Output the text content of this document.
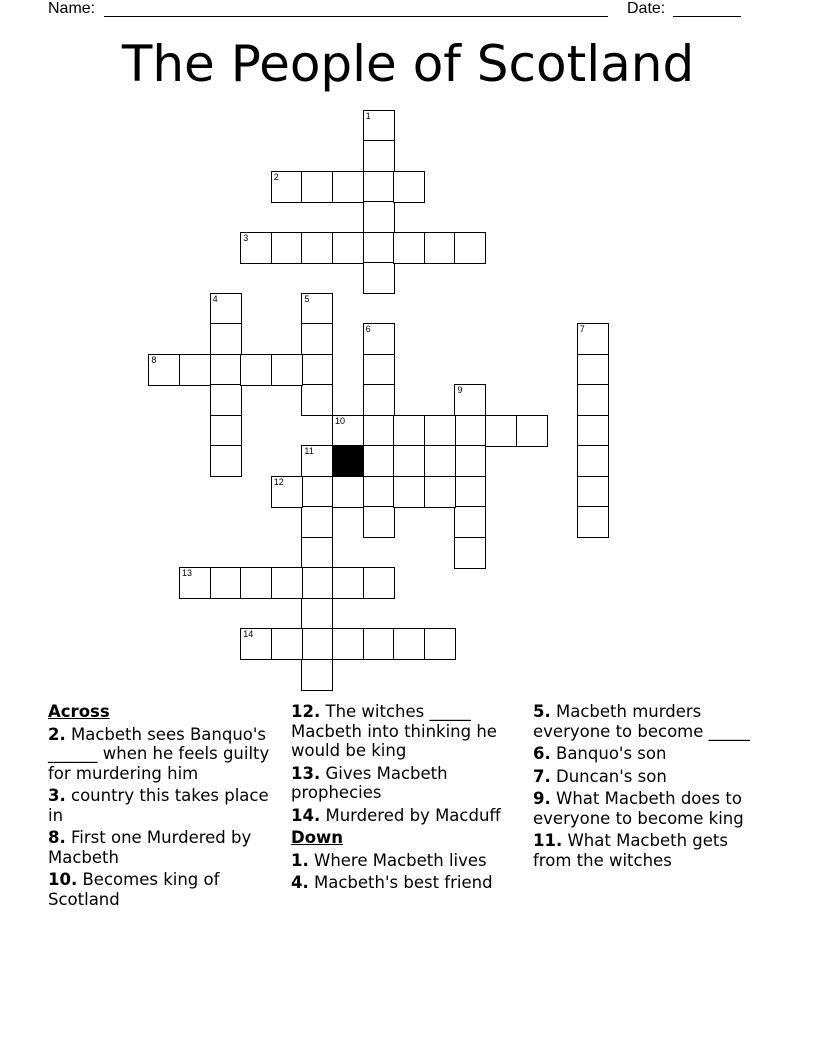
Name:	Date:
The People of Scotland
1
2
3
4	5
8
6	7
9
10
11
12
13
14
Across
2. Macbeth sees Banquo's ______ when he feels guilty for murdering him
3. country this takes place in
8. First one Murdered by Macbeth
10. Becomes king of Scotland
12. The witches _____ Macbeth into thinking he would be king
13. Gives Macbeth prophecies
14. Murdered by Macduff
Down
1. Where Macbeth lives
4. Macbeth's best friend
5. Macbeth murders everyone to become _____
6. Banquo's son
7. Duncan's son
9. What Macbeth does to everyone to become king
11. What Macbeth gets from the witches
